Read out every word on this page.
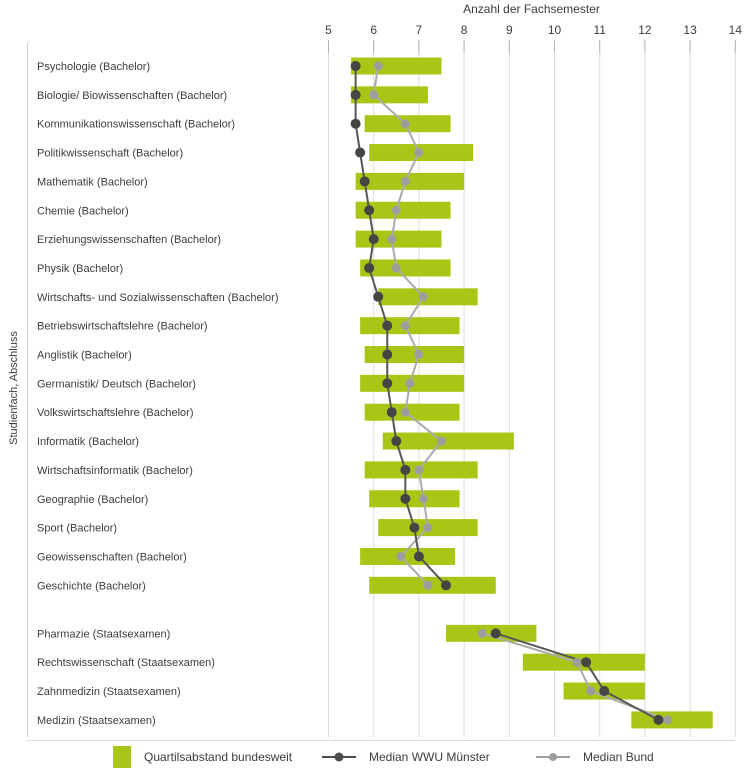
Anzahl der Fachsemester
Studienfach, Abschluss
5	6	7	8	9	10	11	12	13	14
Psychologie (Bachelor)
Biologie/ Biowissenschaften (Bachelor)
Kommunikationswissenschaft (Bachelor)
Politikwissenschaft (Bachelor)
Mathematik (Bachelor)
Chemie (Bachelor)
Erziehungswissenschaften (Bachelor)
Physik (Bachelor)
Wirtschafts- und Sozialwissenschaften (Bachelor)
Betriebswirtschaftslehre (Bachelor)
Anglistik (Bachelor)
Germanistik/ Deutsch (Bachelor)
Volkswirtschaftslehre (Bachelor)
Informatik (Bachelor)
Wirtschaftsinformatik (Bachelor)
Geographie (Bachelor)
Sport (Bachelor)
Geowissenschaften (Bachelor)
Geschichte (Bachelor)
Pharmazie (Staatsexamen)
Rechtswissenschaft (Staatsexamen)
Zahnmedizin (Staatsexamen)
Medizin (Staatsexamen)
Quartilsabstand bundesweit	Median WWU Münster	Median Bund
